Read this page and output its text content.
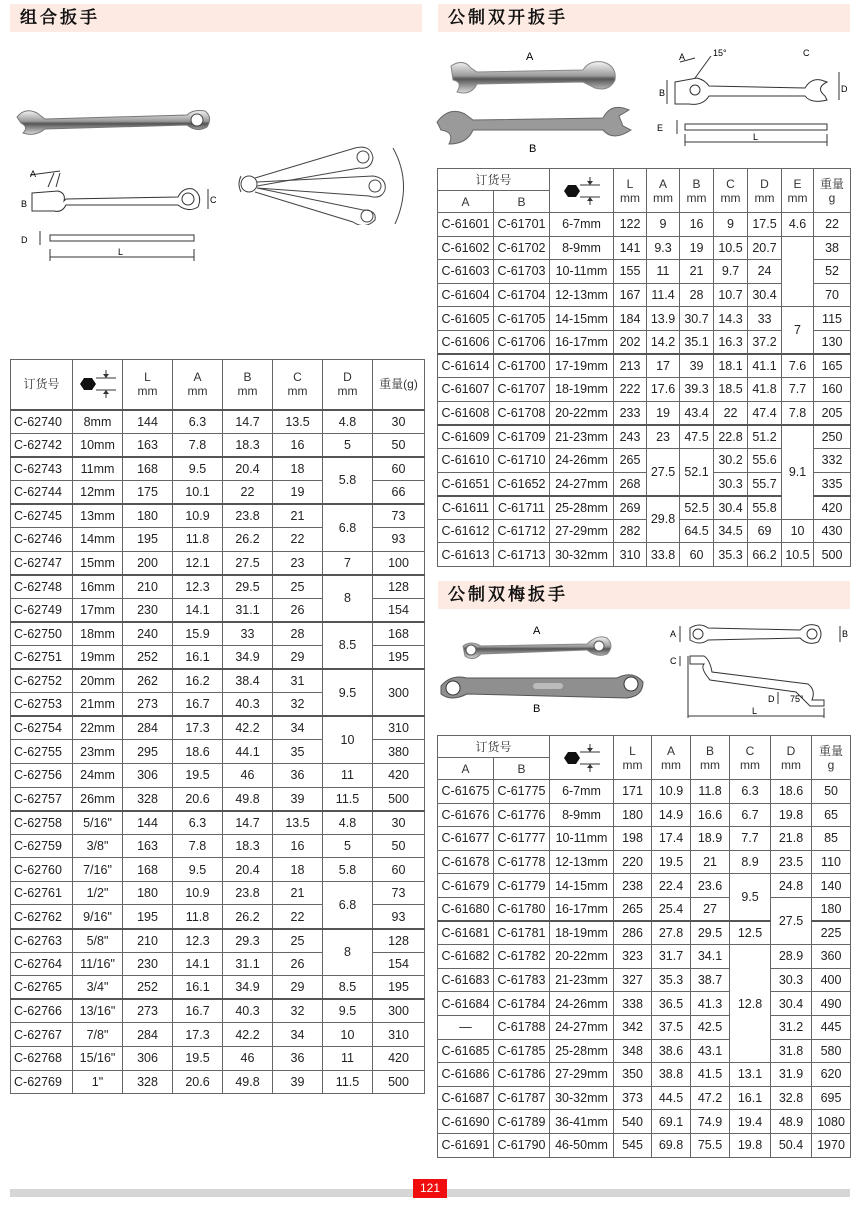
组合扳手
A
B	C
D
L
订货号		L
mm	A
mm	B
mm	C
mm	D
mm	重量(g)
C-62740	8mm	144	6.3	14.7	13.5	4.8	30
C-62742	10mm	163	7.8	18.3	16	5	50
C-62743	11mm	168	9.5	20.4	18	5.8	60
C-62744	12mm	175	10.1	22	19		66
C-62745	13mm	180	10.9	23.8	21	6.8	73
C-62746	14mm	195	11.8	26.2	22		93
C-62747	15mm	200	12.1	27.5	23	7	100
C-62748	16mm	210	12.3	29.5	25	8	128
C-62749	17mm	230	14.1	31.1	26		154
C-62750	18mm	240	15.9	33	28	8.5	168
C-62751	19mm	252	16.1	34.9	29		195
C-62752	20mm	262	16.2	38.4	31	9.5	300
C-62753	21mm	273	16.7	40.3	32		
C-62754	22mm	284	17.3	42.2	34	10	310
C-62755	23mm	295	18.6	44.1	35		380
C-62756	24mm	306	19.5	46	36	11	420
C-62757	26mm	328	20.6	49.8	39	11.5	500
C-62758	5/16"	144	6.3	14.7	13.5	4.8	30
C-62759	3/8"	163	7.8	18.3	16	5	50
C-62760	7/16"	168	9.5	20.4	18	5.8	60
C-62761	1/2"	180	10.9	23.8	21	6.8	73
C-62762	9/16"	195	11.8	26.2	22		93
C-62763	5/8"	210	12.3	29.3	25	8	128
C-62764	11/16"	230	14.1	31.1	26		154
C-62765	3/4"	252	16.1	34.9	29	8.5	195
C-62766	13/16"	273	16.7	40.3	32	9.5	300
C-62767	7/8"	284	17.3	42.2	34	10	310
C-62768	15/16"	306	19.5	46	36	11	420
C-62769	1"	328	20.6	49.8	39	11.5	500
公制双开扳手
A
B
A	15°
B
C
D
E
L
订货号			L
mm	A
mm	B
mm	C
mm	D
mm	E
mm	重量
g
A	B								
C-61601	C-61701	6-7mm	122	9	16	9	17.5	4.6	22
C-61602	C-61702	8-9mm	141	9.3	19	10.5	20.7		38
C-61603	C-61703	10-11mm	155	11	21	9.7	24		52
C-61604	C-61704	12-13mm	167	11.4	28	10.7	30.4		70
C-61605	C-61705	14-15mm	184	13.9	30.7	14.3	33	7	115
C-61606	C-61706	16-17mm	202	14.2	35.1	16.3	37.2		130
C-61614	C-61700	17-19mm	213	17	39	18.1	41.1	7.6	165
C-61607	C-61707	18-19mm	222	17.6	39.3	18.5	41.8	7.7	160
C-61608	C-61708	20-22mm	233	19	43.4	22	47.4	7.8	205
C-61609	C-61709	21-23mm	243	23	47.5	22.8	51.2	9.1	250
C-61610	C-61710	24-26mm	265	27.5	52.1	30.2	55.6		332
C-61651	C-61652	24-27mm	268			30.3	55.7		335
C-61611	C-61711	25-28mm	269	29.8	52.5	30.4	55.8		420
C-61612	C-61712	27-29mm	282		64.5	34.5	69	10	430
C-61613	C-61713	30-32mm	310	33.8	60	35.3	66.2	10.5	500
公制双梅扳手
A
B
A	B
C
D 75°
L
订货号			L
mm	A
mm	B
mm	C
mm	D
mm	重量
g
A	B							
C-61675	C-61775	6-7mm	171	10.9	11.8	6.3	18.6	50
C-61676	C-61776	8-9mm	180	14.9	16.6	6.7	19.8	65
C-61677	C-61777	10-11mm	198	17.4	18.9	7.7	21.8	85
C-61678	C-61778	12-13mm	220	19.5	21	8.9	23.5	110
C-61679	C-61779	14-15mm	238	22.4	23.6	9.5	24.8	140
C-61680	C-61780	16-17mm	265	25.4	27		27.5	180
C-61681	C-61781	18-19mm	286	27.8	29.5	12.5		225
C-61682	C-61782	20-22mm	323	31.7	34.1	12.8	28.9	360
C-61683	C-61783	21-23mm	327	35.3	38.7		30.3	400
C-61684	C-61784	24-26mm	338	36.5	41.3		30.4	490
—	C-61788	24-27mm	342	37.5	42.5		31.2	445
C-61685	C-61785	25-28mm	348	38.6	43.1		31.8	580
C-61686	C-61786	27-29mm	350	38.8	41.5	13.1	31.9	620
C-61687	C-61787	30-32mm	373	44.5	47.2	16.1	32.8	695
C-61690	C-61789	36-41mm	540	69.1	74.9	19.4	48.9	1080
C-61691	C-61790	46-50mm	545	69.8	75.5	19.8	50.4	1970
121
